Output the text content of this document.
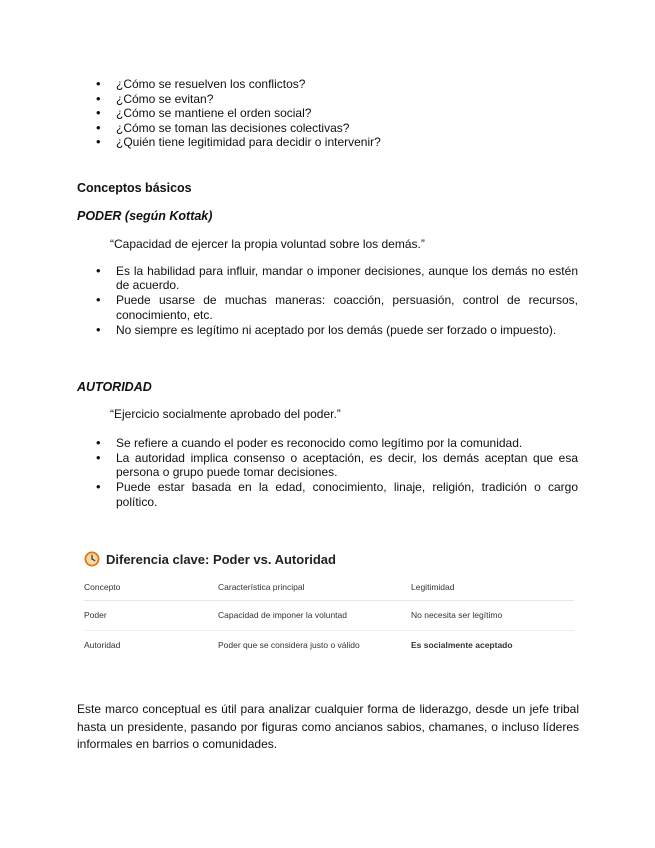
• ¿Cómo se resuelven los conflictos?
• ¿Cómo se evitan?
• ¿Cómo se mantiene el orden social?
• ¿Cómo se toman las decisiones colectivas?
• ¿Quién tiene legitimidad para decidir o intervenir?
Conceptos básicos
PODER (según Kottak)
“Capacidad de ejercer la propia voluntad sobre los demás.”
• Es la habilidad para influir, mandar o imponer decisiones, aunque los demás no estén de acuerdo.
• Puede usarse de muchas maneras: coacción, persuasión, control de recursos, conocimiento, etc.
• No siempre es legítimo ni aceptado por los demás (puede ser forzado o impuesto).
AUTORIDAD
“Ejercicio socialmente aprobado del poder.”
• Se refiere a cuando el poder es reconocido como legítimo por la comunidad.
• La autoridad implica consenso o aceptación, es decir, los demás aceptan que esa persona o grupo puede tomar decisiones.
• Puede estar basada en la edad, conocimiento, linaje, religión, tradición o cargo político.
Diferencia clave: Poder vs. Autoridad
Concepto	Característica principal	Legitimidad
Poder	Capacidad de imponer la voluntad	No necesita ser legítimo
Autoridad	Poder que se considera justo o válido	Es socialmente aceptado

Este marco conceptual es útil para analizar cualquier forma de liderazgo, desde un jefe tribal hasta un presidente, pasando por figuras como ancianos sabios, chamanes, o incluso líderes informales en barrios o comunidades.
